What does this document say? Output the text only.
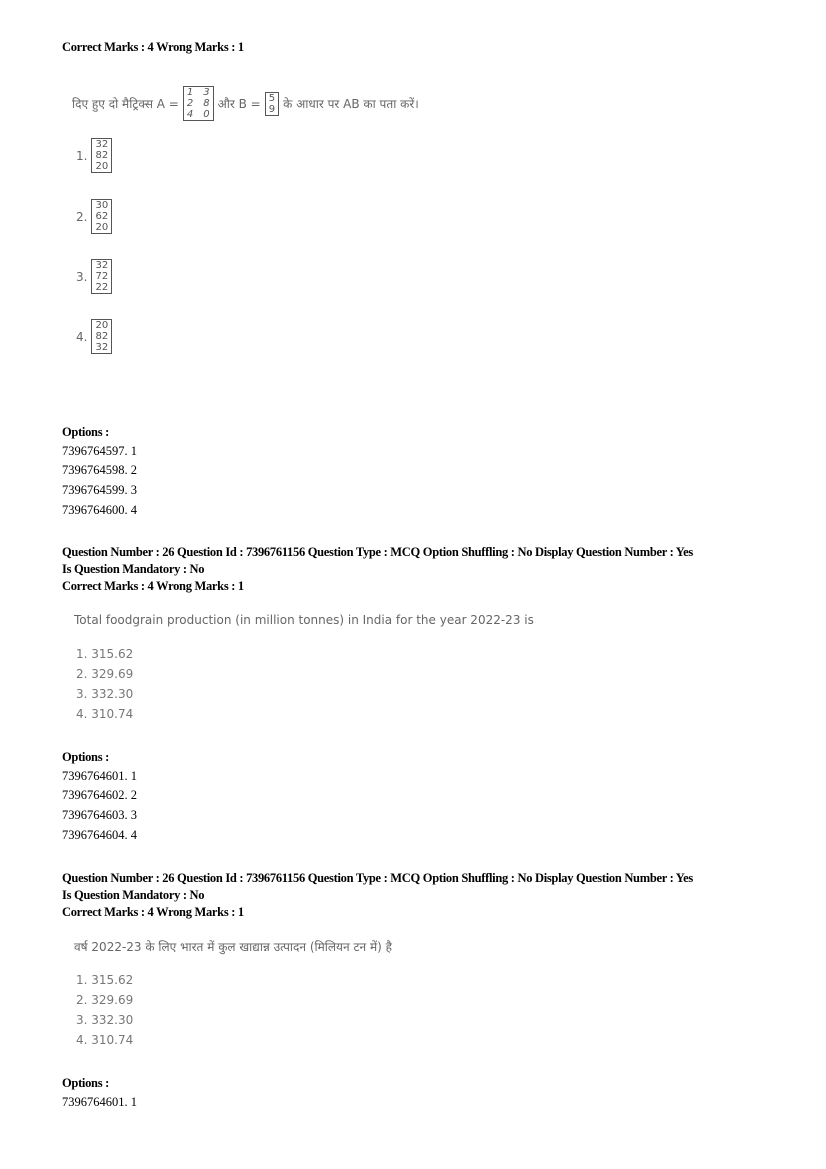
Correct Marks : 4 Wrong Marks : 1
दिए हुए दो मैट्रिक्स A =
1 3
2 8
4 0
और B = 5
9 के आधार पर AB का पता करें।
1.
32
82
20
2.
30
62
20
3.
32
72
22
4.
20
82
32
Options :
7396764597. 1
7396764598. 2
7396764599. 3
7396764600. 4
Question Number : 26 Question Id : 7396761156 Question Type : MCQ Option Shuffling : No Display Question Number : Yes
Is Question Mandatory : No
Correct Marks : 4 Wrong Marks : 1
Total foodgrain production (in million tonnes) in India for the year 2022-23 is
1. 315.62
2. 329.69
3. 332.30
4. 310.74
Options :
7396764601. 1
7396764602. 2
7396764603. 3
7396764604. 4
Question Number : 26 Question Id : 7396761156 Question Type : MCQ Option Shuffling : No Display Question Number : Yes
Is Question Mandatory : No
Correct Marks : 4 Wrong Marks : 1
वर्ष 2022-23 के लिए भारत में कुल खाद्यान्न उत्पादन (मिलियन टन में) है
1. 315.62
2. 329.69
3. 332.30
4. 310.74
Options :
7396764601. 1
